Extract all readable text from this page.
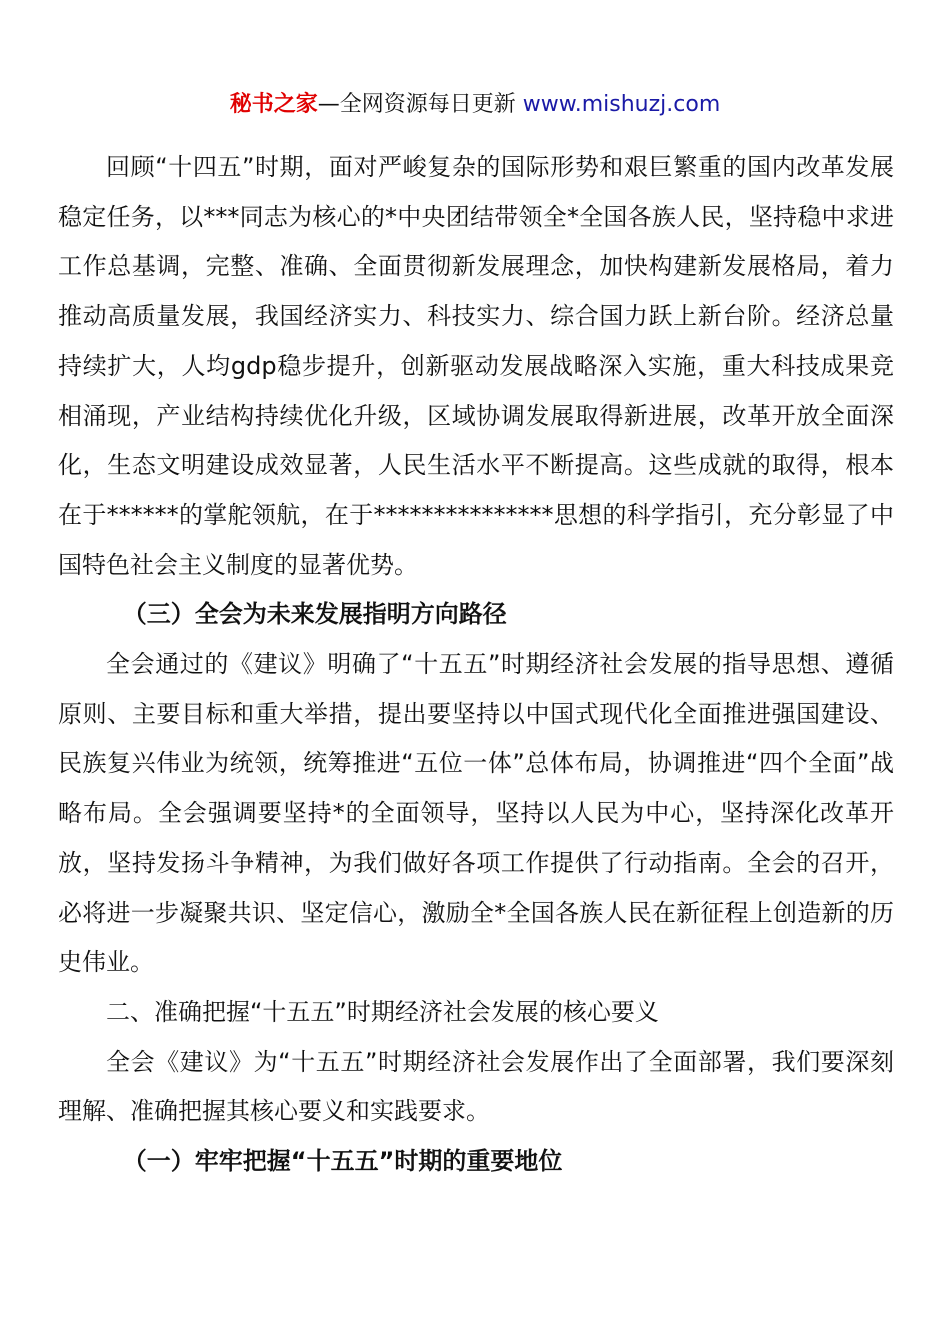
秘书之家—全网资源每日更新 www.mishuzj.com

回顾“十四五”时期，面对严峻复杂的国际形势和艰巨繁重的国内改革发展稳定任务，以***同志为核心的*中央团结带领全*全国各族人民，坚持稳中求进工作总基调，完整、准确、全面贯彻新发展理念，加快构建新发展格局，着力推动高质量发展，我国经济实力、科技实力、综合国力跃上新台阶。经济总量持续扩大，人均gdp稳步提升，创新驱动发展战略深入实施，重大科技成果竞相涌现，产业结构持续优化升级，区域协调发展取得新进展，改革开放全面深化，生态文明建设成效显著，人民生活水平不断提高。这些成就的取得，根本在于******的掌舵领航，在于***************思想的科学指引，充分彰显了中国特色社会主义制度的显著优势。

（三）全会为未来发展指明方向路径

全会通过的《建议》明确了“十五五”时期经济社会发展的指导思想、遵循原则、主要目标和重大举措，提出要坚持以中国式现代化全面推进强国建设、民族复兴伟业为统领，统筹推进“五位一体”总体布局，协调推进“四个全面”战略布局。全会强调要坚持*的全面领导，坚持以人民为中心，坚持深化改革开放，坚持发扬斗争精神，为我们做好各项工作提供了行动指南。全会的召开，必将进一步凝聚共识、坚定信心，激励全*全国各族人民在新征程上创造新的历史伟业。

二、准确把握“十五五”时期经济社会发展的核心要义

全会《建议》为“十五五”时期经济社会发展作出了全面部署，我们要深刻理解、准确把握其核心要义和实践要求。

（一）牢牢把握“十五五”时期的重要地位
